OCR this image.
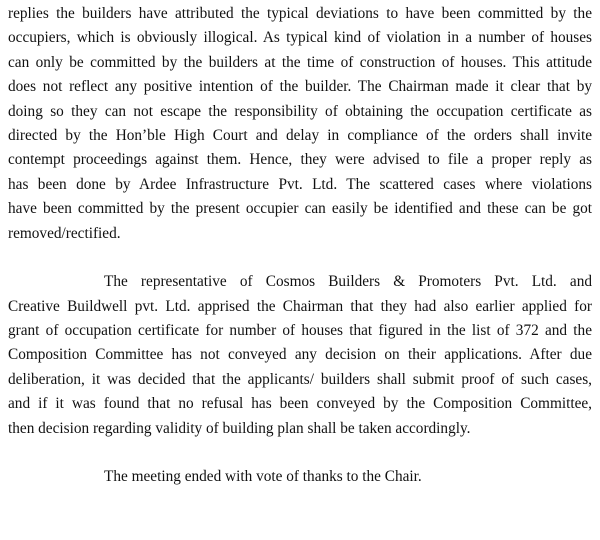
replies the builders have attributed the typical deviations to have been committed by the
occupiers, which is obviously illogical. As typical kind of violation in a number of houses
can only be committed by the builders at the time of construction of houses. This attitude
does not reflect any positive intention of the builder. The Chairman made it clear that by
doing so they can not escape the responsibility of obtaining the occupation certificate as
directed by the Hon’ble High Court and delay in compliance of the orders shall invite
contempt proceedings against them. Hence, they were advised to file a proper reply as
has been done by Ardee Infrastructure Pvt. Ltd. The scattered cases where violations
have been committed by the present occupier can easily be identified and these can be got
removed/rectified.

The representative of Cosmos Builders & Promoters Pvt. Ltd. and
Creative Buildwell pvt. Ltd. apprised the Chairman that they had also earlier applied for
grant of occupation certificate for number of houses that figured in the list of 372 and the
Composition Committee has not conveyed any decision on their applications. After due
deliberation, it was decided that the applicants/ builders shall submit proof of such cases,
and if it was found that no refusal has been conveyed by the Composition Committee,
then decision regarding validity of building plan shall be taken accordingly.

The meeting ended with vote of thanks to the Chair.
